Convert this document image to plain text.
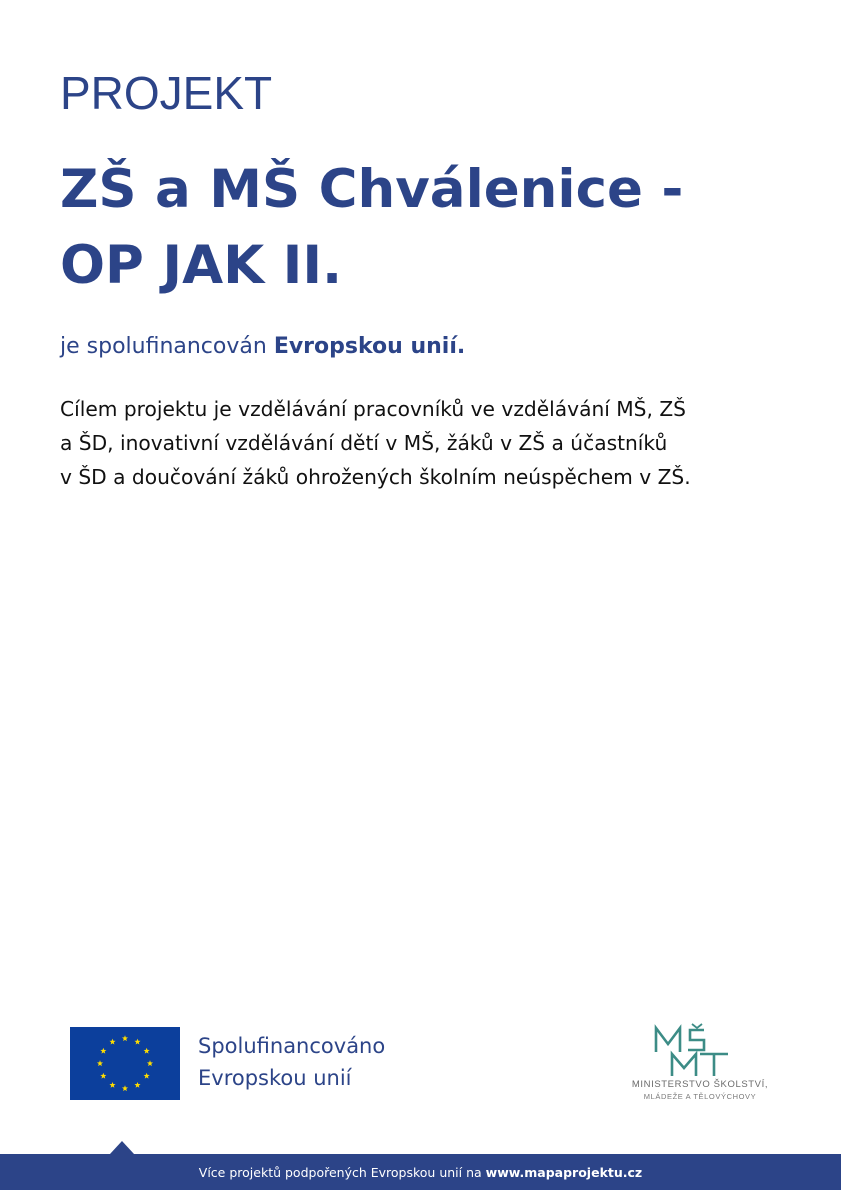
PROJEKT
ZŠ a MŠ Chválenice -
OP JAK II.
je spolufinancován Evropskou unií.
Cílem projektu je vzdělávání pracovníků ve vzdělávání MŠ, ZŠ
a ŠD, inovativní vzdělávání dětí v MŠ, žáků v ZŠ a účastníků
v ŠD a doučování žáků ohrožených školním neúspěchem v ZŠ.
Spolufinancováno
Evropskou unií	MINISTERSTVO ŠKOLSTVÍ,
MLÁDEŽE A TĚLOVÝCHOVY
Více projektů podpořených Evropskou unií na www.mapaprojektu.cz
